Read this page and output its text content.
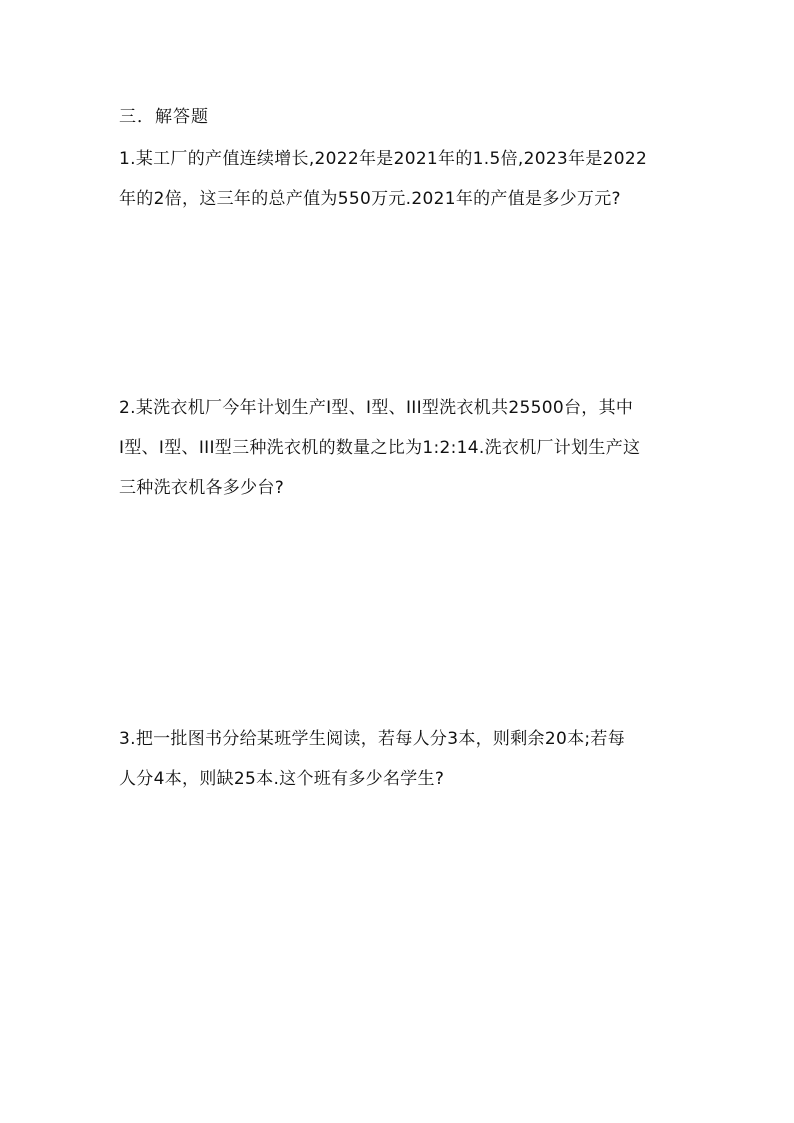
三．解答题
1.某工厂的产值连续增长,2022年是2021年的1.5倍,2023年是2022
年的2倍，这三年的总产值为550万元.2021年的产值是多少万元?
2.某洗衣机厂今年计划生产I型、I型、III型洗衣机共25500台，其中
I型、I型、III型三种洗衣机的数量之比为1:2:14.洗衣机厂计划生产这
三种洗衣机各多少台?
3.把一批图书分给某班学生阅读，若每人分3本，则剩余20本;若每
人分4本，则缺25本.这个班有多少名学生?
